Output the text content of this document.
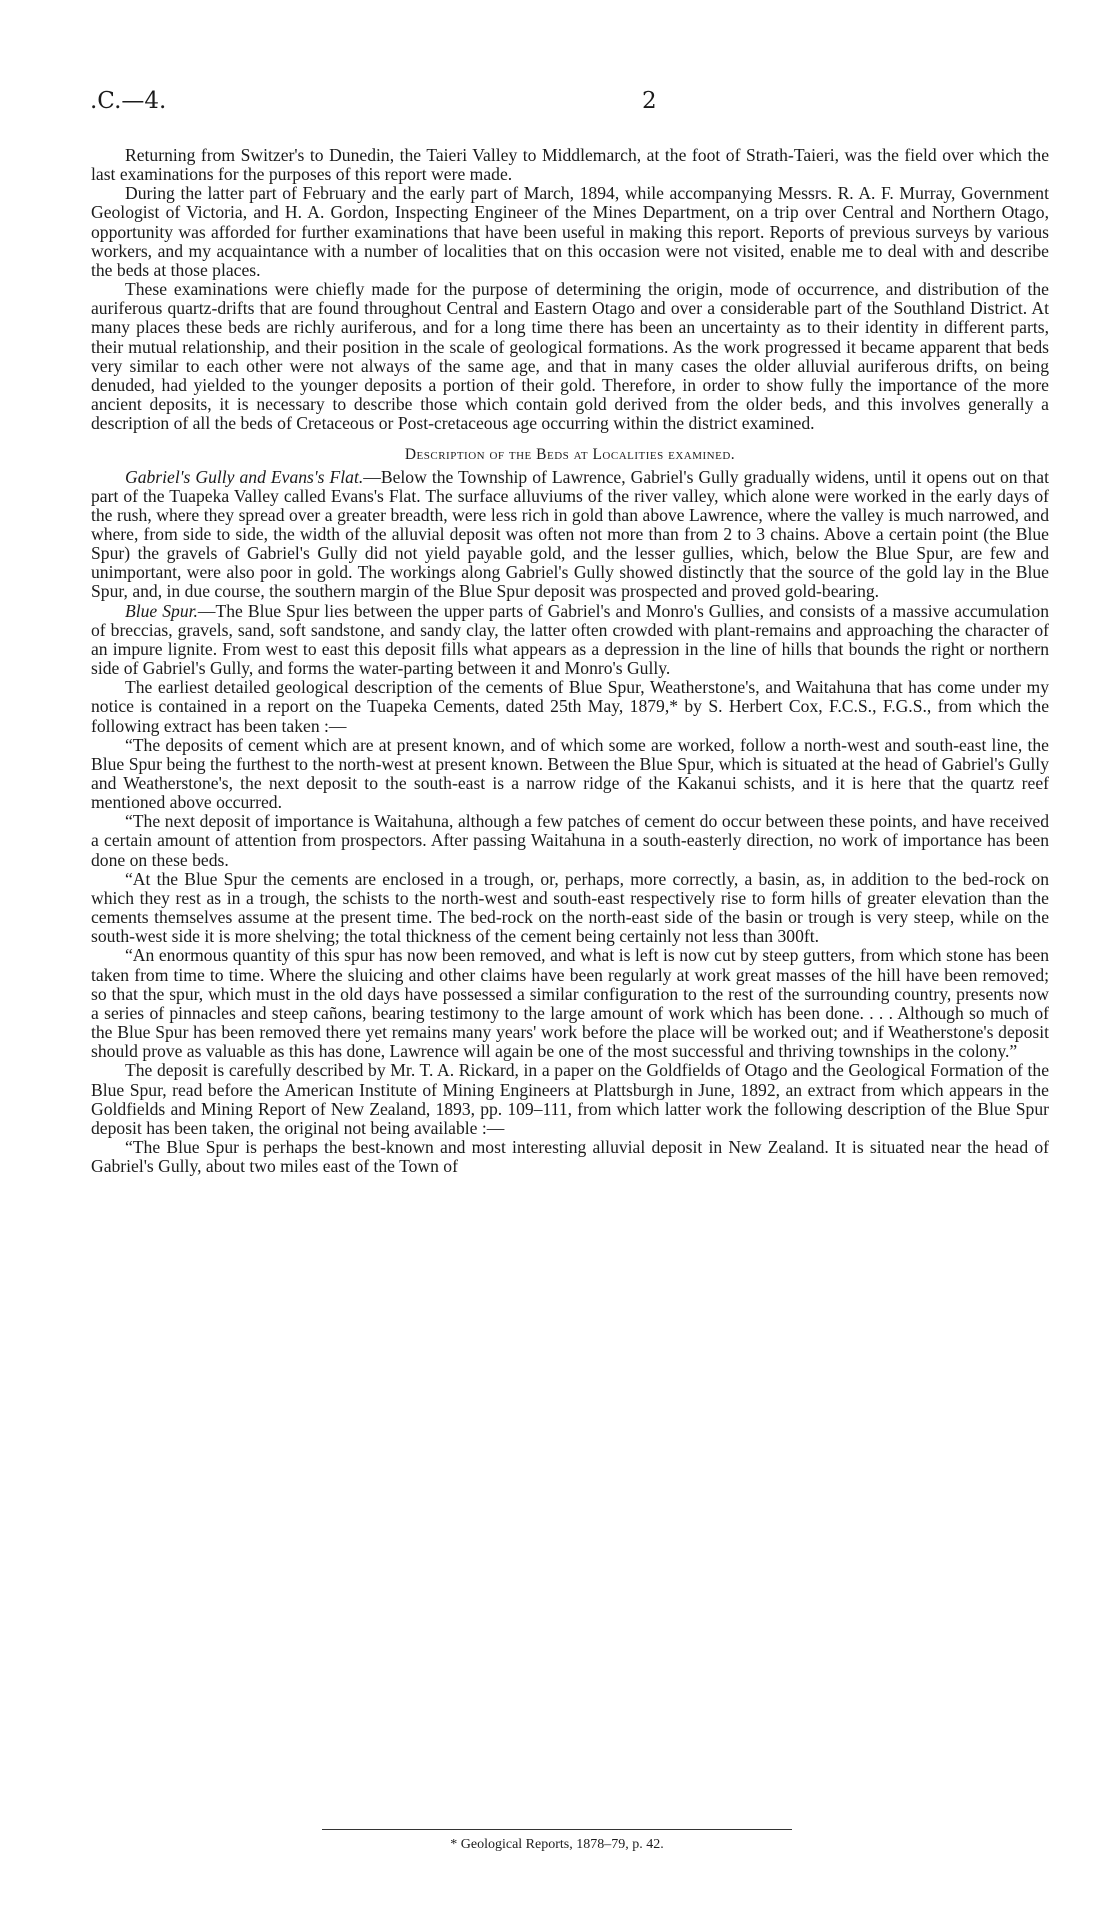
.C.—4.	2

Returning from Switzer's to Dunedin, the Taieri Valley to Middlemarch, at the foot of Strath-Taieri, was the field over which the last examinations for the purposes of this report were made.

During the latter part of February and the early part of March, 1894, while accompanying Messrs. R. A. F. Murray, Government Geologist of Victoria, and H. A. Gordon, Inspecting Engineer of the Mines Department, on a trip over Central and Northern Otago, opportunity was afforded for further examinations that have been useful in making this report. Reports of previous surveys by various workers, and my acquaintance with a number of localities that on this occasion were not visited, enable me to deal with and describe the beds at those places.

These examinations were chiefly made for the purpose of determining the origin, mode of occurrence, and distribution of the auriferous quartz-drifts that are found throughout Central and Eastern Otago and over a considerable part of the Southland District. At many places these beds are richly auriferous, and for a long time there has been an uncertainty as to their identity in different parts, their mutual relationship, and their position in the scale of geological formations. As the work progressed it became apparent that beds very similar to each other were not always of the same age, and that in many cases the older alluvial auriferous drifts, on being denuded, had yielded to the younger deposits a portion of their gold. Therefore, in order to show fully the importance of the more ancient deposits, it is necessary to describe those which contain gold derived from the older beds, and this involves generally a description of all the beds of Cretaceous or Post-cretaceous age occurring within the district examined.

Description of the Beds at Localities examined.

Gabriel's Gully and Evans's Flat.—Below the Township of Lawrence, Gabriel's Gully gradually widens, until it opens out on that part of the Tuapeka Valley called Evans's Flat. The surface alluviums of the river valley, which alone were worked in the early days of the rush, where they spread over a greater breadth, were less rich in gold than above Lawrence, where the valley is much narrowed, and where, from side to side, the width of the alluvial deposit was often not more than from 2 to 3 chains. Above a certain point (the Blue Spur) the gravels of Gabriel's Gully did not yield payable gold, and the lesser gullies, which, below the Blue Spur, are few and unimportant, were also poor in gold. The workings along Gabriel's Gully showed distinctly that the source of the gold lay in the Blue Spur, and, in due course, the southern margin of the Blue Spur deposit was prospected and proved gold-bearing.

Blue Spur.—The Blue Spur lies between the upper parts of Gabriel's and Monro's Gullies, and consists of a massive accumulation of breccias, gravels, sand, soft sandstone, and sandy clay, the latter often crowded with plant-remains and approaching the character of an impure lignite. From west to east this deposit fills what appears as a depression in the line of hills that bounds the right or northern side of Gabriel's Gully, and forms the water-parting between it and Monro's Gully.

The earliest detailed geological description of the cements of Blue Spur, Weatherstone's, and Waitahuna that has come under my notice is contained in a report on the Tuapeka Cements, dated 25th May, 1879,* by S. Herbert Cox, F.C.S., F.G.S., from which the following extract has been taken :—

“The deposits of cement which are at present known, and of which some are worked, follow a north-west and south-east line, the Blue Spur being the furthest to the north-west at present known. Between the Blue Spur, which is situated at the head of Gabriel's Gully and Weatherstone's, the next deposit to the south-east is a narrow ridge of the Kakanui schists, and it is here that the quartz reef mentioned above occurred.

“The next deposit of importance is Waitahuna, although a few patches of cement do occur between these points, and have received a certain amount of attention from prospectors. After passing Waitahuna in a south-easterly direction, no work of importance has been done on these beds.

“At the Blue Spur the cements are enclosed in a trough, or, perhaps, more correctly, a basin, as, in addition to the bed-rock on which they rest as in a trough, the schists to the north-west and south-east respectively rise to form hills of greater elevation than the cements themselves assume at the present time. The bed-rock on the north-east side of the basin or trough is very steep, while on the south-west side it is more shelving; the total thickness of the cement being certainly not less than 300ft.

“An enormous quantity of this spur has now been removed, and what is left is now cut by steep gutters, from which stone has been taken from time to time. Where the sluicing and other claims have been regularly at work great masses of the hill have been removed; so that the spur, which must in the old days have possessed a similar configuration to the rest of the surrounding country, presents now a series of pinnacles and steep cañons, bearing testimony to the large amount of work which has been done. . . . Although so much of the Blue Spur has been removed there yet remains many years' work before the place will be worked out; and if Weatherstone's deposit should prove as valuable as this has done, Lawrence will again be one of the most successful and thriving townships in the colony.”

The deposit is carefully described by Mr. T. A. Rickard, in a paper on the Goldfields of Otago and the Geological Formation of the Blue Spur, read before the American Institute of Mining Engineers at Plattsburgh in June, 1892, an extract from which appears in the Goldfields and Mining Report of New Zealand, 1893, pp. 109–111, from which latter work the following description of the Blue Spur deposit has been taken, the original not being available :—

“The Blue Spur is perhaps the best-known and most interesting alluvial deposit in New Zealand. It is situated near the head of Gabriel's Gully, about two miles east of the Town of

* Geological Reports, 1878–79, p. 42.
